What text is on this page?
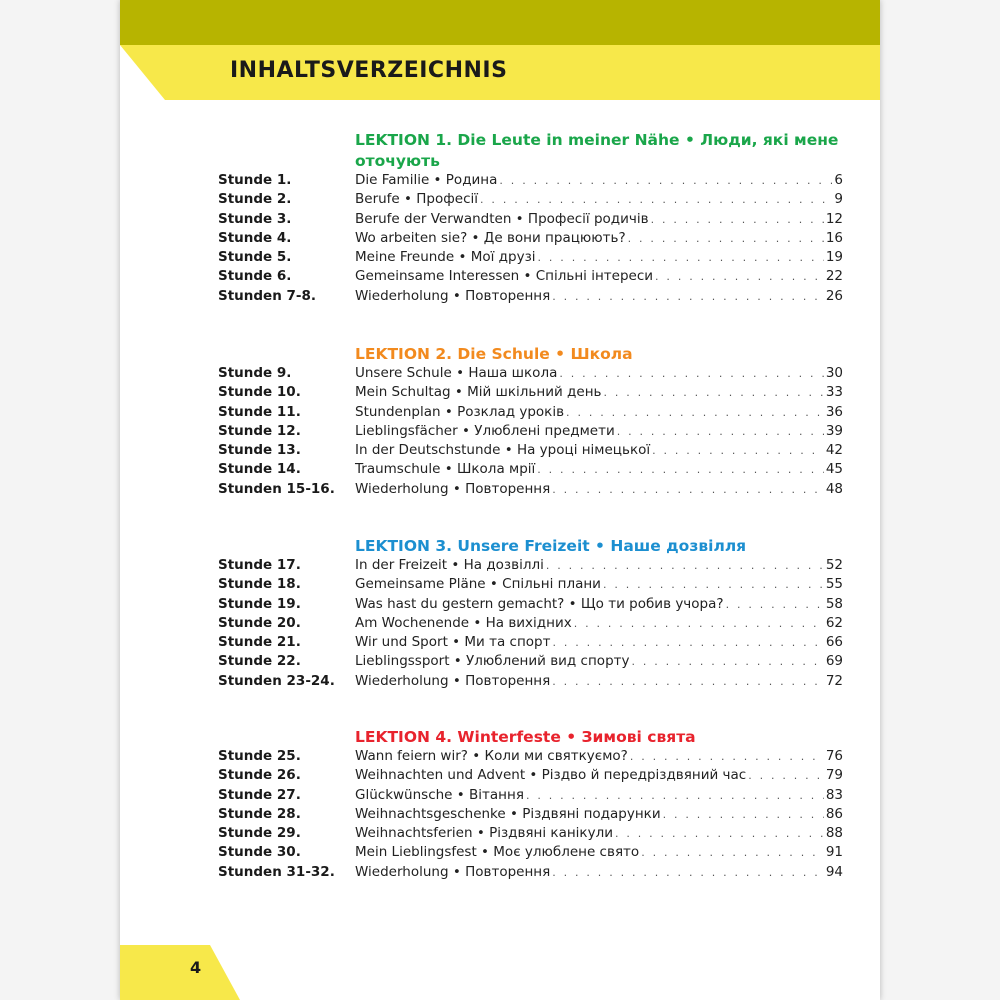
INHALTSVERZEICHNIS
LEKTION 1. Die Leute in meiner Nähe • Люди, які мене оточують
Stunde 1.	Die Familie • Родина . . .	6
Stunde 2.	Berufe • Професії . . .	9
Stunde 3.	Berufe der Verwandten • Професії родичів . . .	12
Stunde 4.	Wo arbeiten sie? • Де вони працюють? . . .	16
Stunde 5.	Meine Freunde • Мої друзі . . .	19
Stunde 6.	Gemeinsame Interessen • Спільні інтереси . . .	22
Stunden 7-8.	Wiederholung • Повторення . . .	26
LEKTION 2. Die Schule • Школа
Stunde 9.	Unsere Schule • Наша школа . . .	30
Stunde 10.	Mein Schultag • Мій шкільний день . . .	33
Stunde 11.	Stundenplan • Розклад уроків . . .	36
Stunde 12.	Lieblingsfächer • Улюблені предмети . . .	39
Stunde 13.	In der Deutschstunde • На уроці німецької . . .	42
Stunde 14.	Traumschule • Школа мрії . . .	45
Stunden 15-16.	Wiederholung • Повторення . . .	48
LEKTION 3. Unsere Freizeit • Наше дозвілля
Stunde 17.	In der Freizeit • На дозвіллі . . .	52
Stunde 18.	Gemeinsame Pläne • Спільні плани . . .	55
Stunde 19.	Was hast du gestern gemacht? • Що ти робив учора? . . .	58
Stunde 20.	Am Wochenende • На вихідних . . .	62
Stunde 21.	Wir und Sport • Ми та спорт . . .	66
Stunde 22.	Lieblingssport • Улюблений вид спорту . . .	69
Stunden 23-24.	Wiederholung • Повторення . . .	72
LEKTION 4. Winterfeste • Зимові свята
Stunde 25.	Wann feiern wir? • Коли ми святкуємо? . . .	76
Stunde 26.	Weihnachten und Advent • Різдво й передріздвяний час . . .	79
Stunde 27.	Glückwünsche • Вітання . . .	83
Stunde 28.	Weihnachtsgeschenke • Різдвяні подарунки . . .	86
Stunde 29.	Weihnachtsferien • Різдвяні канікули . . .	88
Stunde 30.	Mein Lieblingsfest • Моє улюблене свято . . .	91
Stunden 31-32.	Wiederholung • Повторення . . .	94
4
